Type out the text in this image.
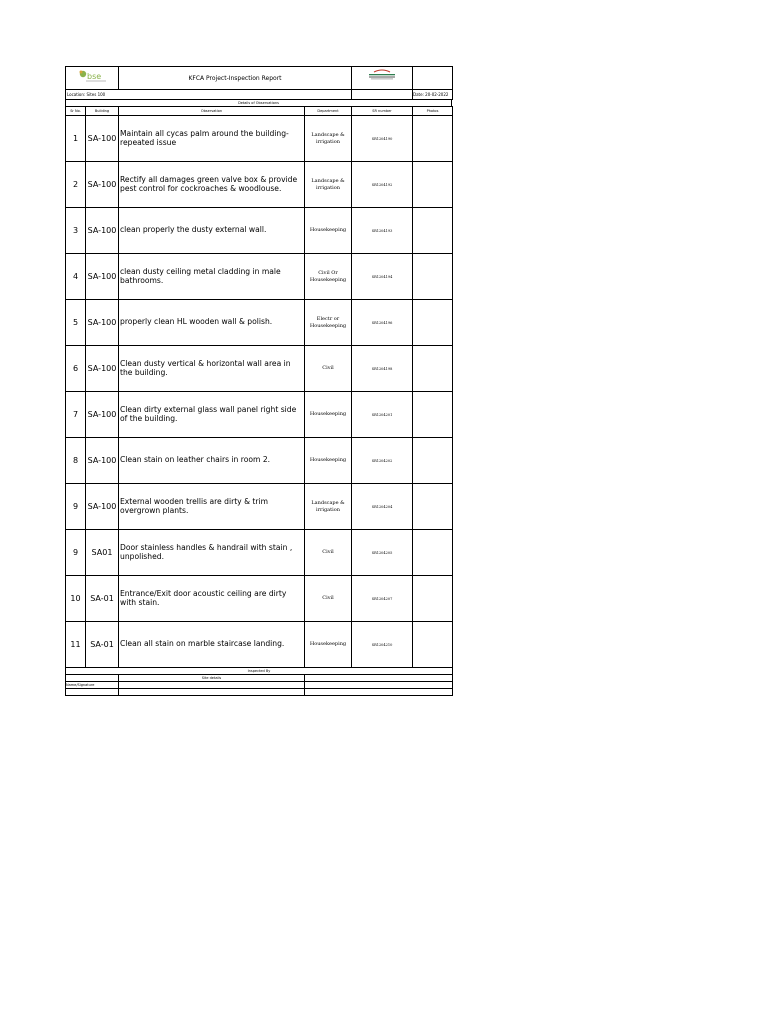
bse	KFCA Project-Inspection Report		
Location: Sites 100		Date: 20-02-2022
Details of Observations
Sr No.	Building	Observation	Department	SR number	Photos
1	SA-100	Maintain all cycas palm around the building-repeated issue	Landscape & irrigation	SR1204190	
2	SA-100	Rectify all damages green valve box & provide pest control for cockroaches & woodlouse.	Landscape & irrigation	SR1204192	
3	SA-100	clean properly the dusty external wall.	Housekeeping	SR1204193	
4	SA-100	clean dusty ceiling metal cladding in male bathrooms.	Civil Or Housekeeping	SR1204194	
5	SA-100	properly clean HL wooden wall & polish.	Electr or Housekeeping	SR1204196	
6	SA-100	Clean dusty vertical & horizontal wall area in the building.	Civil	SR1204198	
7	SA-100	Clean dirty external glass wall panel right side of the building.	Housekeeping	SR1204201	
8	SA-100	Clean stain on leather chairs in room 2.	Housekeeping	SR1204202	
9	SA-100	External wooden trellis are dirty & trim overgrown plants.	Landscape & irrigation	SR1204204	
9	SA01	Door stainless handles & handrail with stain , unpolished.	Civil	SR1204205	
10	SA-01	Entrance/Exit door acoustic ceiling are dirty with stain.	Civil	SR1204207	
11	SA-01	Clean all stain on marble staircase landing.	Housekeeping	SR1204210	
Inspected By		
	Site details	
Name/Signature		
